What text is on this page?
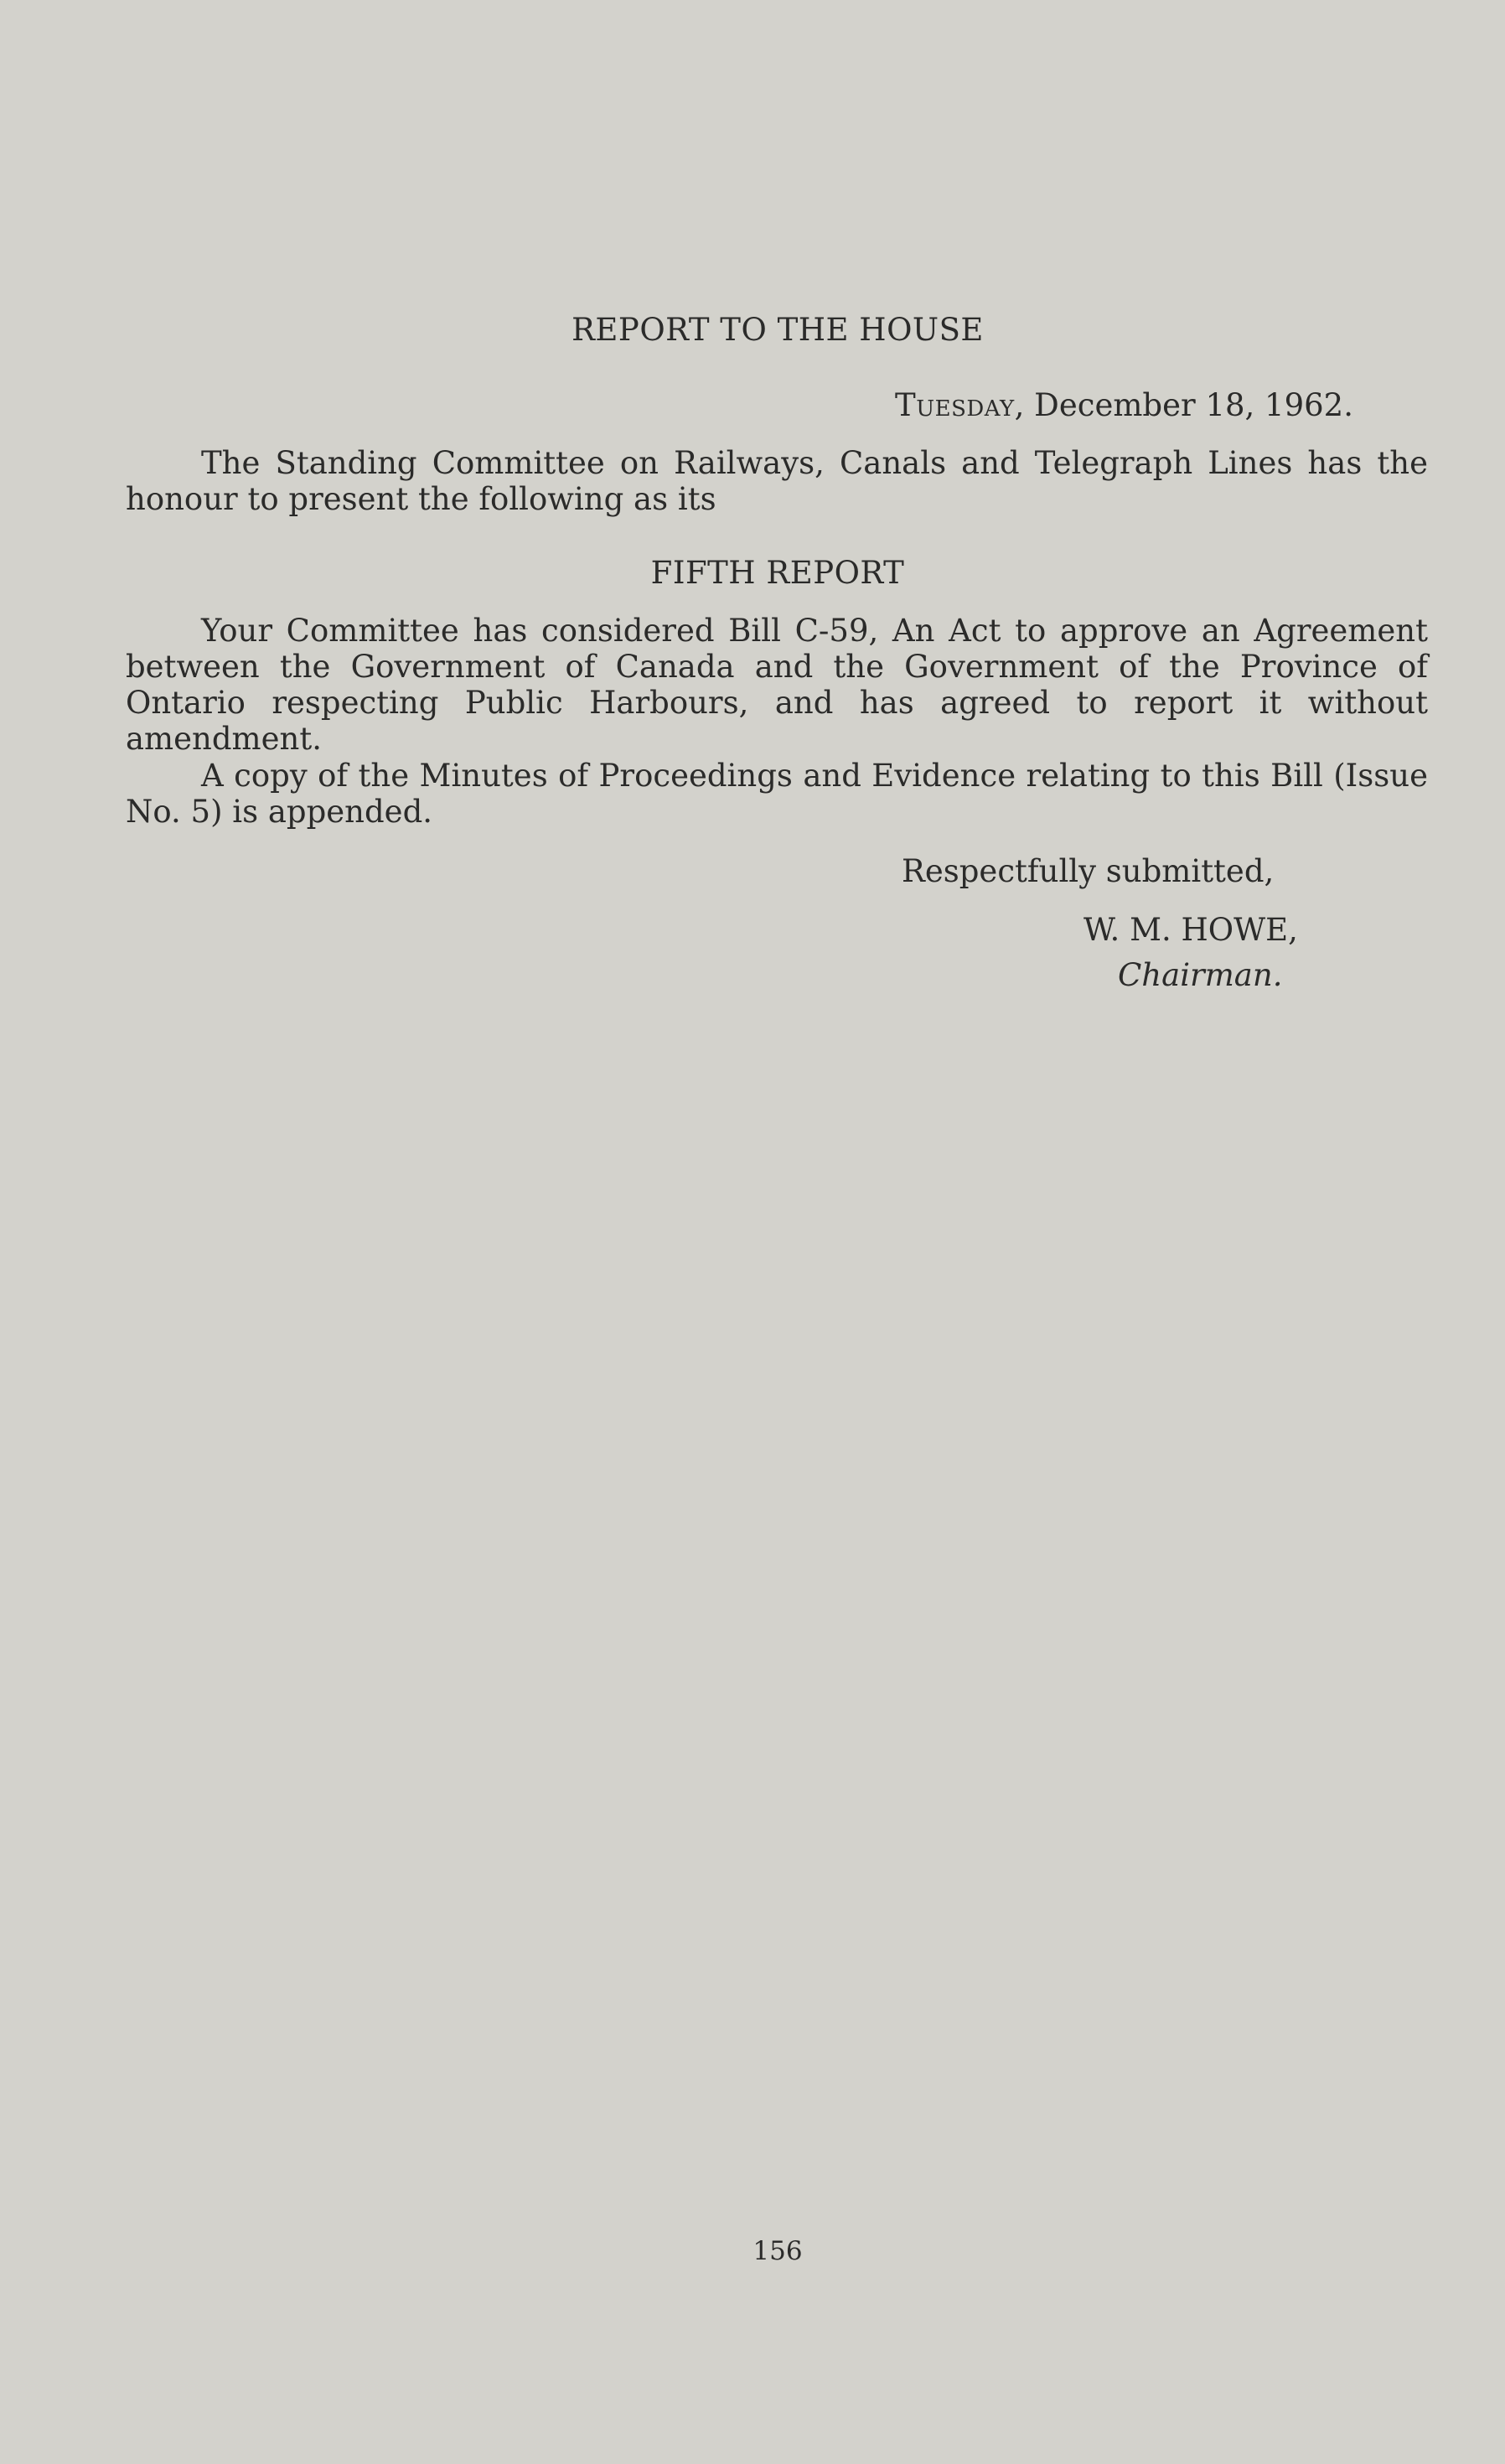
REPORT TO THE HOUSE

Tuesday, December 18, 1962.

The Standing Committee on Railways, Canals and Telegraph Lines has the honour to present the following as its

FIFTH REPORT

Your Committee has considered Bill C-59, An Act to approve an Agreement between the Government of Canada and the Government of the Province of Ontario respecting Public Harbours, and has agreed to report it without amendment.

A copy of the Minutes of Proceedings and Evidence relating to this Bill (Issue No. 5) is appended.

Respectfully submitted,

W. M. HOWE,

Chairman.

156
